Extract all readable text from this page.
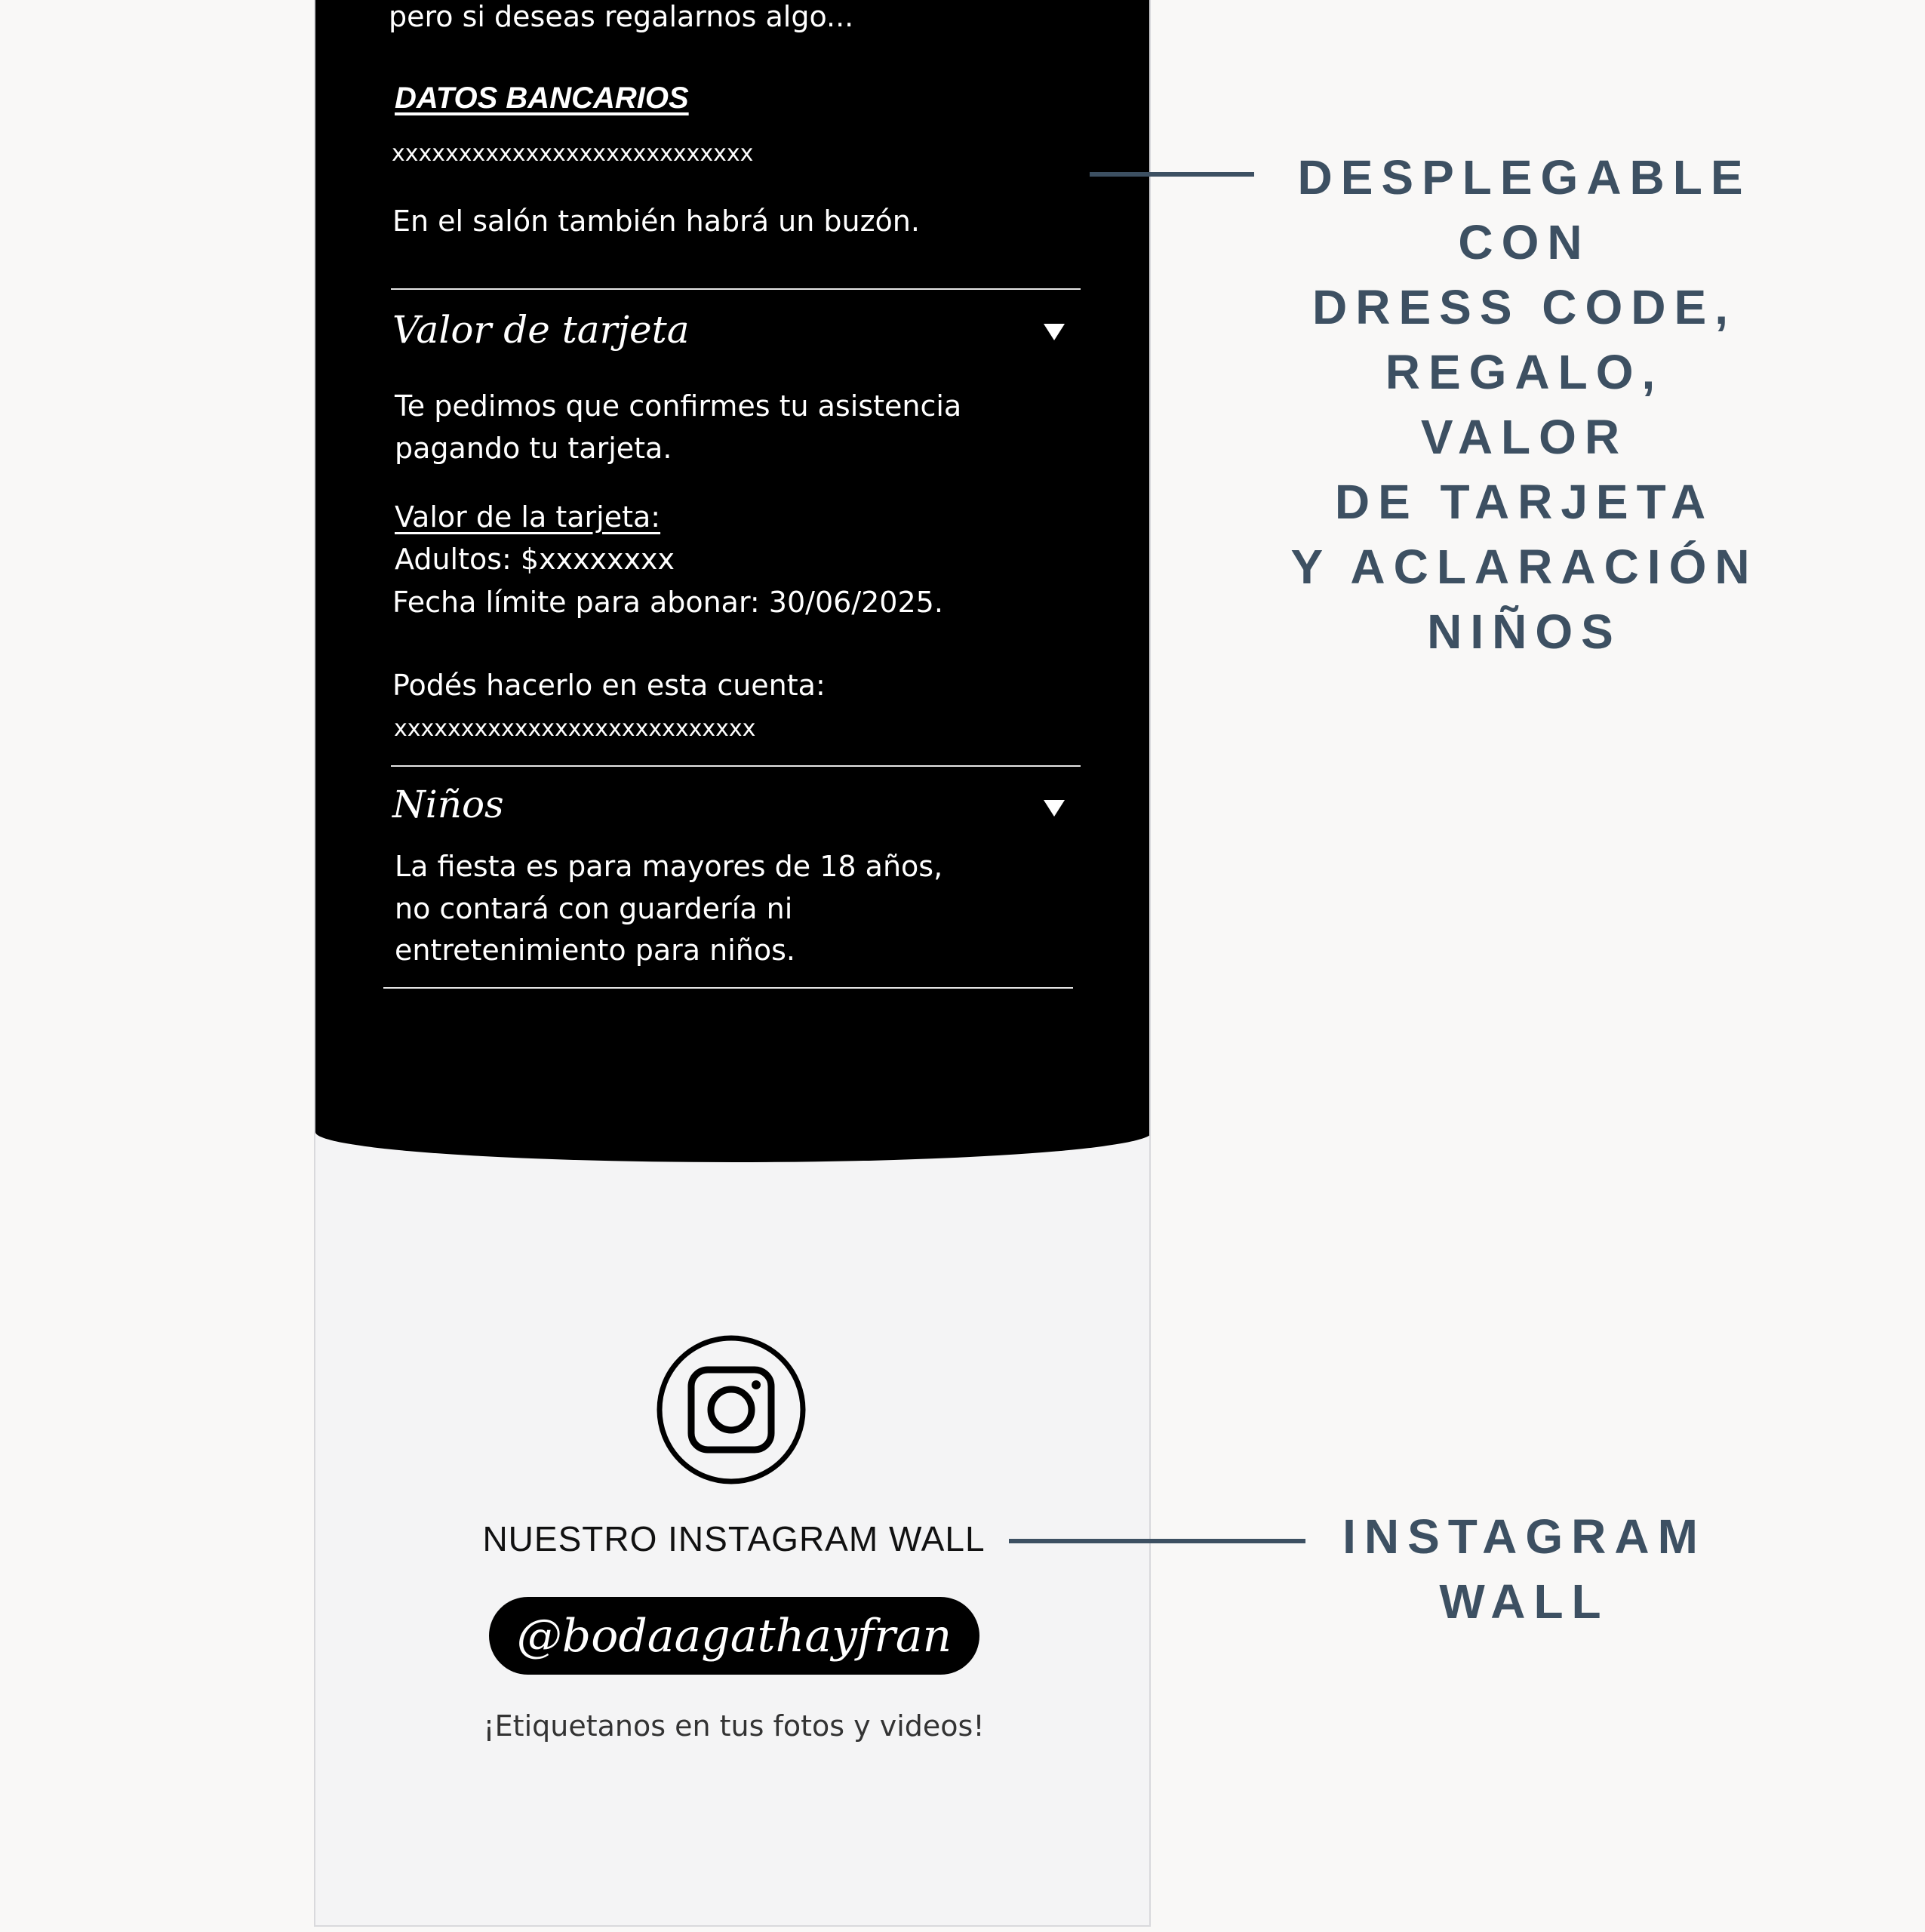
pero si deseas regalarnos algo...

DATOS BANCARIOS

xxxxxxxxxxxxxxxxxxxxxxxxxxx

En el salón también habrá un buzón.

Valor de tarjeta

Te pedimos que confirmes tu asistencia

pagando tu tarjeta.

Valor de la tarjeta:

Adultos: $xxxxxxxx

Fecha límite para abonar: 30/06/2025.

Podés hacerlo en esta cuenta:

xxxxxxxxxxxxxxxxxxxxxxxxxxx

Niños

La fiesta es para mayores de 18 años,

no contará con guardería ni

entretenimiento para niños.

NUESTRO INSTAGRAM WALL
@bodaagathayfran
¡Etiquetanos en tus fotos y videos!
DESPLEGABLE
CON
DRESS CODE,
REGALO,
VALOR
DE TARJETA
Y ACLARACIÓN
NIÑOS
INSTAGRAM
WALL
